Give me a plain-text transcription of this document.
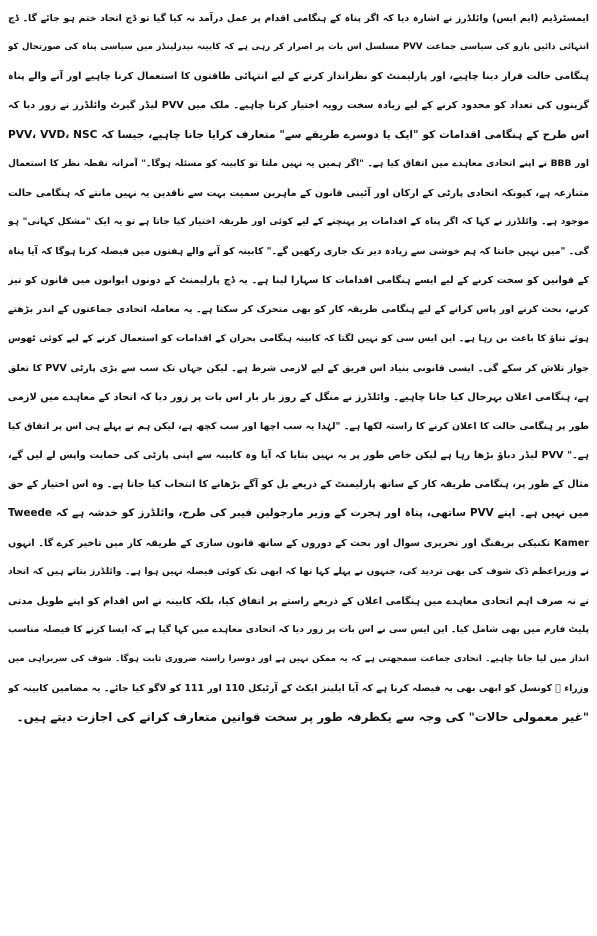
ایمسٹرڈیم (ایم ایس) وائلڈرز نے اشارہ دیا کہ اگر پناہ کے ہنگامی اقدام پر عمل درآمد نہ کیا گیا تو ڈچ اتحاد ختم ہو جائے گا۔ ڈچ
انتہائی دائیں بازو کی سیاسی جماعت PVV مسلسل اس بات پر اصرار کر رہی ہے کہ کابینہ نیدرلینڈز میں سیاسی پناہ کی صورتحال کو
ہنگامی حالت قرار دینا چاہیے، اور پارلیمنٹ کو نظرانداز کرنے کے لیے انتہائی طاقتوں کا استعمال کرنا چاہیے اور آنے والے پناہ
گزینوں کی تعداد کو محدود کرنے کے لیے زیادہ سخت رویہ اختیار کرنا چاہیے۔ ملک میں PVV لیڈر گیرٹ وائلڈرز نے زور دیا کہ
اس طرح کے ہنگامی اقدامات کو "ایک یا دوسرے طریقے سے" متعارف کرایا جانا چاہیے، جیسا کہ PVV، VVD، NSC
اور BBB نے اپنے اتحادی معاہدے میں اتفاق کیا ہے۔ "اگر ہمیں یہ نہیں ملتا تو کابینہ کو مسئلہ ہوگا۔" آمرانہ نقطہ نظر کا استعمال
متنازعہ ہے، کیونکہ اتحادی پارٹی کے ارکان اور آئینی قانون کے ماہرین سمیت بہت سے ناقدین یہ نہیں مانتے کہ ہنگامی حالت
موجود ہے۔ وائلڈرز نے کہا کہ اگر پناہ کے اقدامات پر پہنچنے کے لیے کوئی اور طریقہ اختیار کیا جاتا ہے تو یہ ایک "مشکل کہانی" ہو
گی۔ "میں نہیں جانتا کہ ہم خوشی سے زیادہ دیر تک جاری رکھیں گے۔" کابینہ کو آنے والے ہفتوں میں فیصلہ کرنا ہوگا کہ آیا پناہ
کے قوانین کو سخت کرنے کے لیے ایسے ہنگامی اقدامات کا سہارا لینا ہے۔ یہ ڈچ پارلیمنٹ کے دونوں ایوانوں میں قانون کو تیز
کرنے، بحث کرنے اور پاس کرانے کے لیے ہنگامی طریقہ کار کو بھی متحرک کر سکتا ہے۔ یہ معاملہ اتحادی جماعتوں کے اندر بڑھتے
ہوئے تناؤ کا باعث بن رہا ہے۔ این ایس سی کو نہیں لگتا کہ کابینہ ہنگامی بحران کے اقدامات کو استعمال کرنے کے لیے کوئی ٹھوس
جواز تلاش کر سکے گی۔ ایسی قانونی بنیاد اس فریق کے لیے لازمی شرط ہے۔ لیکن جہاں تک سب سے بڑی پارٹی PVV کا تعلق
ہے، ہنگامی اعلان بہرحال کیا جانا چاہیے۔ وائلڈرز نے منگل کے روز بار بار اس بات پر زور دیا کہ اتحاد کے معاہدے میں لازمی
طور پر ہنگامی حالت کا اعلان کرنے کا راستہ لکھا ہے۔ "لہٰذا یہ سب اچھا اور سب کچھ ہے، لیکن ہم نے پہلے ہی اس پر اتفاق کیا
ہے۔" PVV لیڈر دباؤ بڑھا رہا ہے لیکن خاص طور پر یہ نہیں بتایا کہ آیا وہ کابینہ سے اپنی پارٹی کی حمایت واپس لے لیں گے،
مثال کے طور پر، ہنگامی طریقہ کار کے ساتھ پارلیمنٹ کے ذریعے بل کو آگے بڑھانے کا انتخاب کیا جاتا ہے۔ وہ اس اختیار کے حق
میں نہیں ہے۔ اپنے PVV ساتھی، پناہ اور ہجرت کے وزیر مارجولین فیبر کی طرح، وائلڈرز کو خدشہ ہے کہ Tweede
Kamer تکنیکی بریفنگ اور تحریری سوال اور بحث کے دوروں کے ساتھ قانون سازی کے طریقہ کار میں تاخیر کرے گا۔ انہوں
نے وزیراعظم ڈک شوف کی بھی تردید کی، جنہوں نے پہلے کہا تھا کہ ابھی تک کوئی فیصلہ نہیں ہوا ہے۔ وائلڈرز بتاتے ہیں کہ اتحاد
نے نہ صرف اہم اتحادی معاہدے میں ہنگامی اعلان کے ذریعے راستے پر اتفاق کیا، بلکہ کابینہ نے اس اقدام کو اپنے طویل مدتی
پلیٹ فارم میں بھی شامل کیا۔ این ایس سی نے اس بات پر زور دیا کہ اتحادی معاہدے میں کہا گیا ہے کہ ایسا کرنے کا فیصلہ مناسب
انداز میں لیا جانا چاہیے۔ اتحادی جماعت سمجھتی ہے کہ یہ ممکن نہیں ہے اور دوسرا راستہ ضروری ثابت ہوگا۔ شوف کی سربراہی میں
وزراء ⃞ کونسل کو ابھی بھی یہ فیصلہ کرنا ہے کہ آیا ایلینز ایکٹ کے آرٹیکل 110 اور 111 کو لاگو کیا جائے۔ یہ مضامین کابینہ کو
"غیر معمولی حالات" کی وجہ سے یکطرفہ طور پر سخت قوانین متعارف کرانے کی اجازت دیتے ہیں۔
